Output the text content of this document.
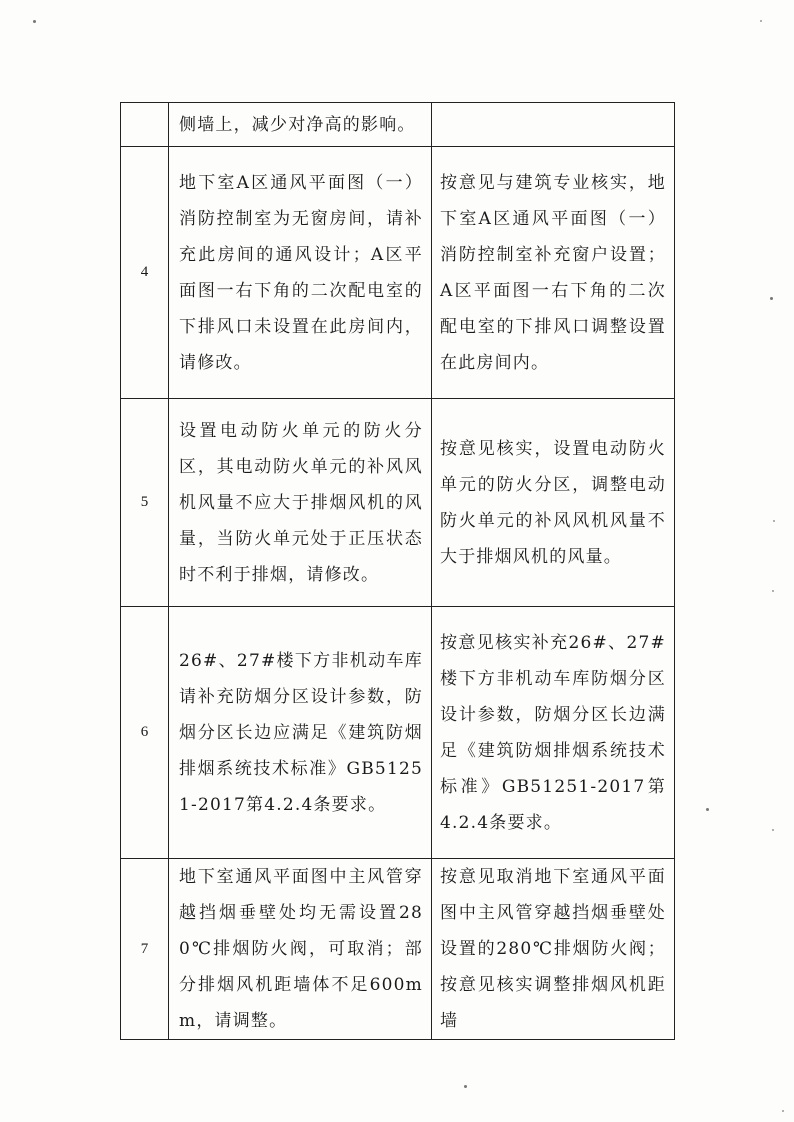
	侧墙上，减少对净高的影响。	
4	地下室A区通风平面图（一）消防控制室为无窗房间，请补充此房间的通风设计；A区平面图一右下角的二次配电室的下排风口未设置在此房间内，请修改。	按意见与建筑专业核实，地下室A区通风平面图（一）消防控制室补充窗户设置；A区平面图一右下角的二次配电室的下排风口调整设置在此房间内。
5	设置电动防火单元的防火分区，其电动防火单元的补风风机风量不应大于排烟风机的风量，当防火单元处于正压状态时不利于排烟，请修改。	按意见核实，设置电动防火单元的防火分区，调整电动防火单元的补风风机风量不大于排烟风机的风量。
6	26#、27#楼下方非机动车库请补充防烟分区设计参数，防烟分区长边应满足《建筑防烟排烟系统技术标准》GB51251-2017第4.2.4条要求。	按意见核实补充26#、27#楼下方非机动车库防烟分区设计参数，防烟分区长边满足《建筑防烟排烟系统技术标准》GB51251-2017第4.2.4条要求。
7	地下室通风平面图中主风管穿越挡烟垂壁处均无需设置280℃排烟防火阀，可取消；部分排烟风机距墙体不足600mm，请调整。	按意见取消地下室通风平面图中主风管穿越挡烟垂壁处设置的280℃排烟防火阀；按意见核实调整排烟风机距墙
